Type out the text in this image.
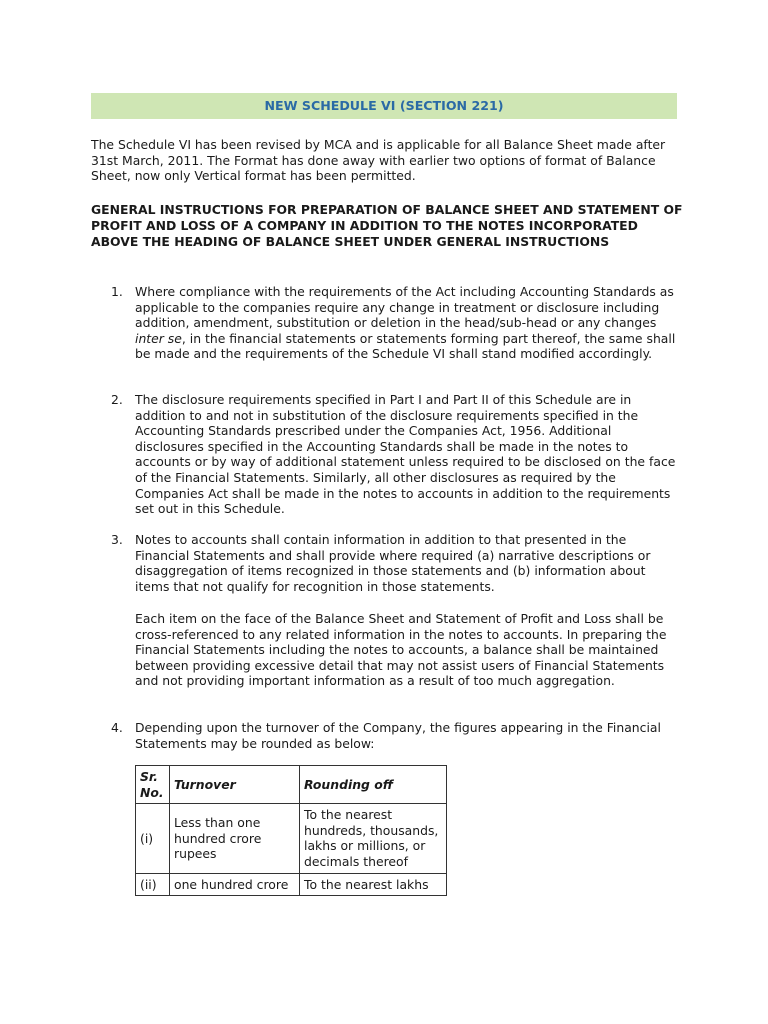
NEW SCHEDULE VI (SECTION 221)
The Schedule VI has been revised by MCA and is applicable for all Balance Sheet made after 31st March, 2011. The Format has done away with earlier two options of format of Balance Sheet, now only Vertical format has been permitted.
GENERAL INSTRUCTIONS FOR PREPARATION OF BALANCE SHEET AND STATEMENT OF PROFIT AND LOSS OF A COMPANY IN ADDITION TO THE NOTES INCORPORATED ABOVE THE HEADING OF BALANCE SHEET UNDER GENERAL INSTRUCTIONS
1. Where compliance with the requirements of the Act including Accounting Standards as applicable to the companies require any change in treatment or disclosure including addition, amendment, substitution or deletion in the head/sub-head or any changes inter se, in the financial statements or statements forming part thereof, the same shall be made and the requirements of the Schedule VI shall stand modified accordingly.
2. The disclosure requirements specified in Part I and Part II of this Schedule are in addition to and not in substitution of the disclosure requirements specified in the Accounting Standards prescribed under the Companies Act, 1956. Additional disclosures specified in the Accounting Standards shall be made in the notes to accounts or by way of additional statement unless required to be disclosed on the face of the Financial Statements. Similarly, all other disclosures as required by the Companies Act shall be made in the notes to accounts in addition to the requirements set out in this Schedule.
3. Notes to accounts shall contain information in addition to that presented in the Financial Statements and shall provide where required (a) narrative descriptions or disaggregation of items recognized in those statements and (b) information about items that not qualify for recognition in those statements.
Each item on the face of the Balance Sheet and Statement of Profit and Loss shall be cross-referenced to any related information in the notes to accounts. In preparing the Financial Statements including the notes to accounts, a balance shall be maintained between providing excessive detail that may not assist users of Financial Statements and not providing important information as a result of too much aggregation.
4. Depending upon the turnover of the Company, the figures appearing in the Financial Statements may be rounded as below:
Sr. No.	Turnover	Rounding off
(i)	Less than one hundred crore rupees	To the nearest hundreds, thousands, lakhs or millions, or decimals thereof
(ii)	one hundred crore	To the nearest lakhs
